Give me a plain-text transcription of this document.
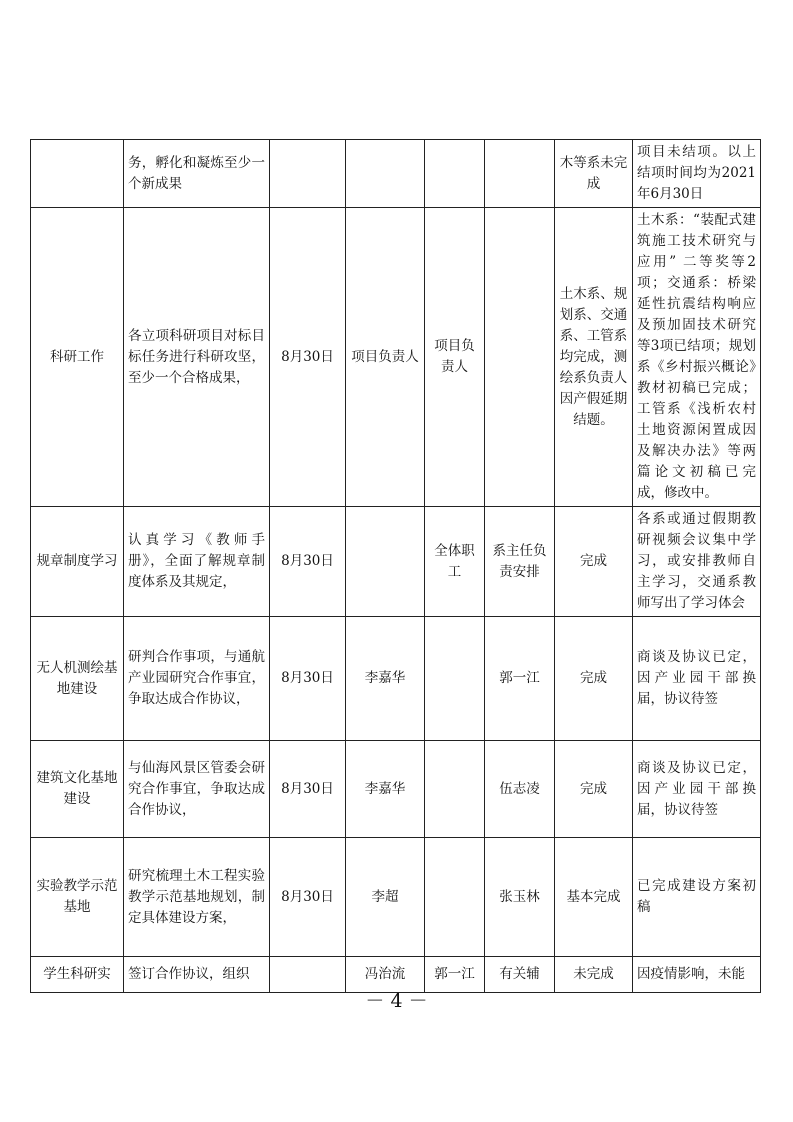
	务，孵化和凝炼至少一个新成果					木等系未完成	项目未结项。以上结项时间均为2021年6月30日
科研工作	各立项科研项目对标目标任务进行科研攻坚，至少一个合格成果，	8月30日	项目负责人	项目负责人		土木系、规划系、交通系、工管系均完成，测绘系负责人因产假延期结题。	土木系：“装配式建筑施工技术研究与应用” 二等奖等2项；交通系：桥梁延性抗震结构响应及预加固技术研究等3项已结项；规划系《乡村振兴概论》教材初稿已完成；工管系《浅析农村土地资源闲置成因及解决办法》等两篇论文初稿已完成，修改中。
规章制度学习	认真学习《教师手册》，全面了解规章制度体系及其规定，	8月30日		全体职工	系主任负责安排	完成	各系或通过假期教研视频会议集中学习，或安排教师自主学习，交通系教师写出了学习体会
无人机测绘基地建设	研判合作事项，与通航产业园研究合作事宜，争取达成合作协议，	8月30日	李嘉华		郭一江	完成	商谈及协议已定，因产业园干部换届，协议待签
建筑文化基地建设	与仙海风景区管委会研究合作事宜，争取达成合作协议，	8月30日	李嘉华		伍志凌	完成	商谈及协议已定，因产业园干部换届，协议待签
实验教学示范基地	研究梳理土木工程实验教学示范基地规划，制定具体建设方案，	8月30日	李超		张玉林	基本完成	已完成建设方案初稿
学生科研实	签订合作协议，组织		冯治流	郭一江	有关辅	未完成	因疫情影响，未能
－ 4 －
